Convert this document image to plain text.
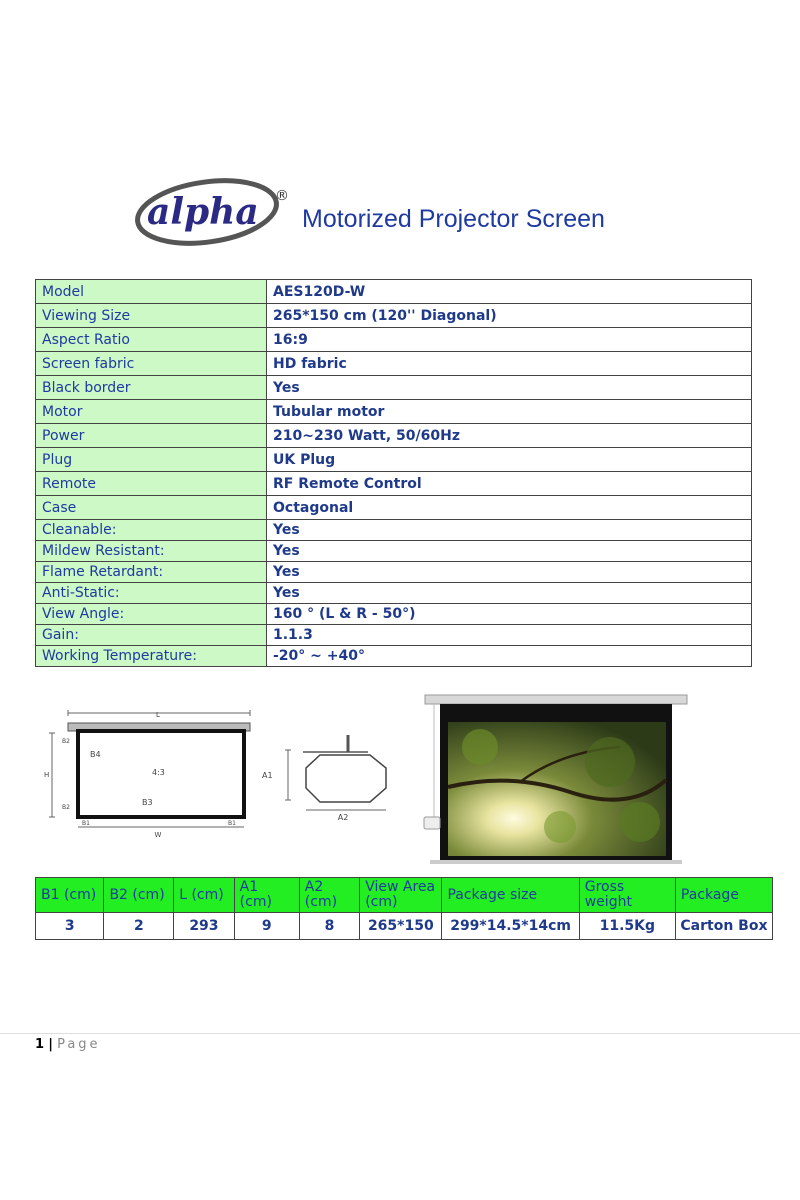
alpha ®
Motorized Projector Screen
Model	AES120D-W
Viewing Size	265*150 cm (120'' Diagonal)
Aspect Ratio	16:9
Screen fabric	HD fabric
Black border	Yes
Motor	Tubular motor
Power	210~230 Watt, 50/60Hz
Plug	UK Plug
Remote	RF Remote Control
Case	Octagonal
Cleanable:	Yes
Mildew Resistant:	Yes
Flame Retardant:	Yes
Anti-Static:	Yes
View Angle:	160 ° (L & R - 50°)
Gain:	1.1.3
Working Temperature:	-20° ~ +40°
L
H
B2
B2
B4
4:3
B3
B1	B1
W
A1
A2
B1 (cm)	B2 (cm)	L (cm)	A1 (cm)	A2 (cm)	View Area (cm)	Package size	Gross weight	Package
3	2	293	9	8	265*150	299*14.5*14cm	11.5Kg	Carton Box
1 | Page
